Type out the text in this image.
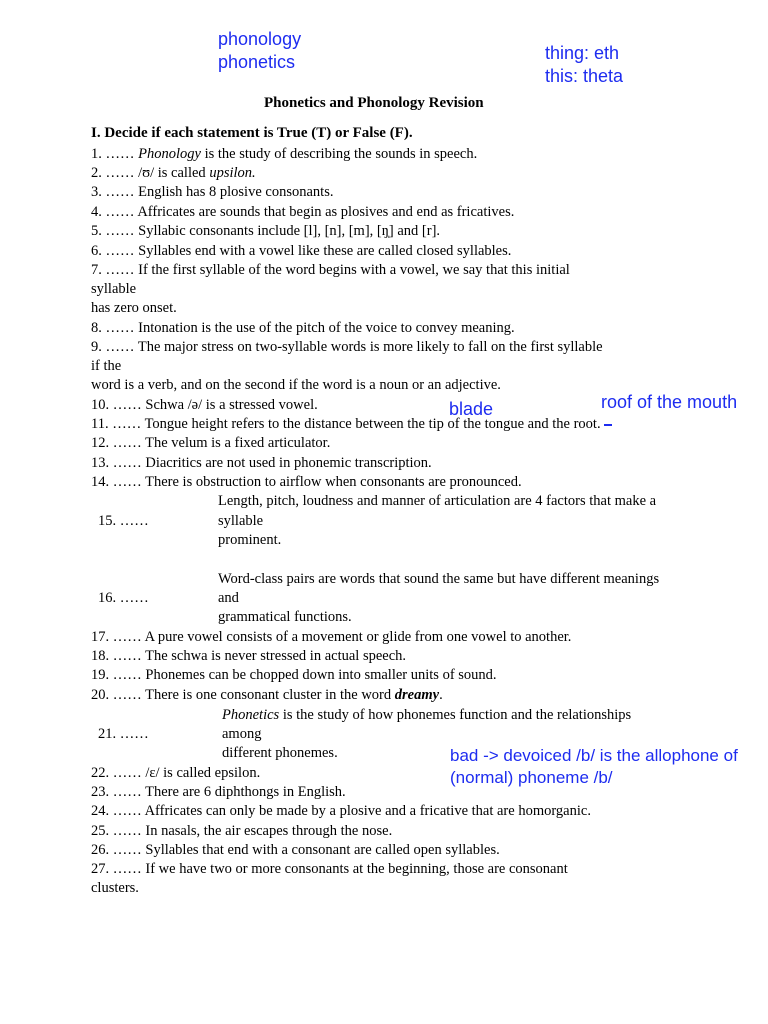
phonology
phonetics	thing: eth
this: theta
blade	roof of the mouth
bad -> devoiced /b/ is the allophone of
(normal) phoneme /b/
Phonetics and Phonology Revision
I. Decide if each statement is True (T) or False (F).
1. …… Phonology is the study of describing the sounds in speech.
2. …… /ʊ/ is called upsilon.
3. …… English has 8 plosive consonants.
4. …… Affricates are sounds that begin as plosives and end as fricatives.
5. …… Syllabic consonants include [l], [n], [m], [ŋ̩] and [r].
6. …… Syllables end with a vowel like these are called closed syllables.
7. …… If the first syllable of the word begins with a vowel, we say that this initial
syllable
has zero onset.
8. …… Intonation is the use of the pitch of the voice to convey meaning.
9. …… The major stress on two-syllable words is more likely to fall on the first syllable
if the
word is a verb, and on the second if the word is a noun or an adjective.
10. …… Schwa /ə/ is a stressed vowel.
11. …… Tongue height refers to the distance between the tip of the tongue and the root.
12. …… The velum is a fixed articulator.
13. …… Diacritics are not used in phonemic transcription.
14. …… There is obstruction to airflow when consonants are pronounced.
15. ……
Length, pitch, loudness and manner of articulation are 4 factors that make a
syllable
prominent.
16. ……
Word-class pairs are words that sound the same but have different meanings
and
grammatical functions.
17. …… A pure vowel consists of a movement or glide from one vowel to another.
18. …… The schwa is never stressed in actual speech.
19. …… Phonemes can be chopped down into smaller units of sound.
20. …… There is one consonant cluster in the word dreamy.
21. ……
Phonetics is the study of how phonemes function and the relationships
among
different phonemes.
22. …… /ɛ/ is called epsilon.
23. …… There are 6 diphthongs in English.
24. …… Affricates can only be made by a plosive and a fricative that are homorganic.
25. …… In nasals, the air escapes through the nose.
26. …… Syllables that end with a consonant are called open syllables.
27. …… If we have two or more consonants at the beginning, those are consonant
clusters.
